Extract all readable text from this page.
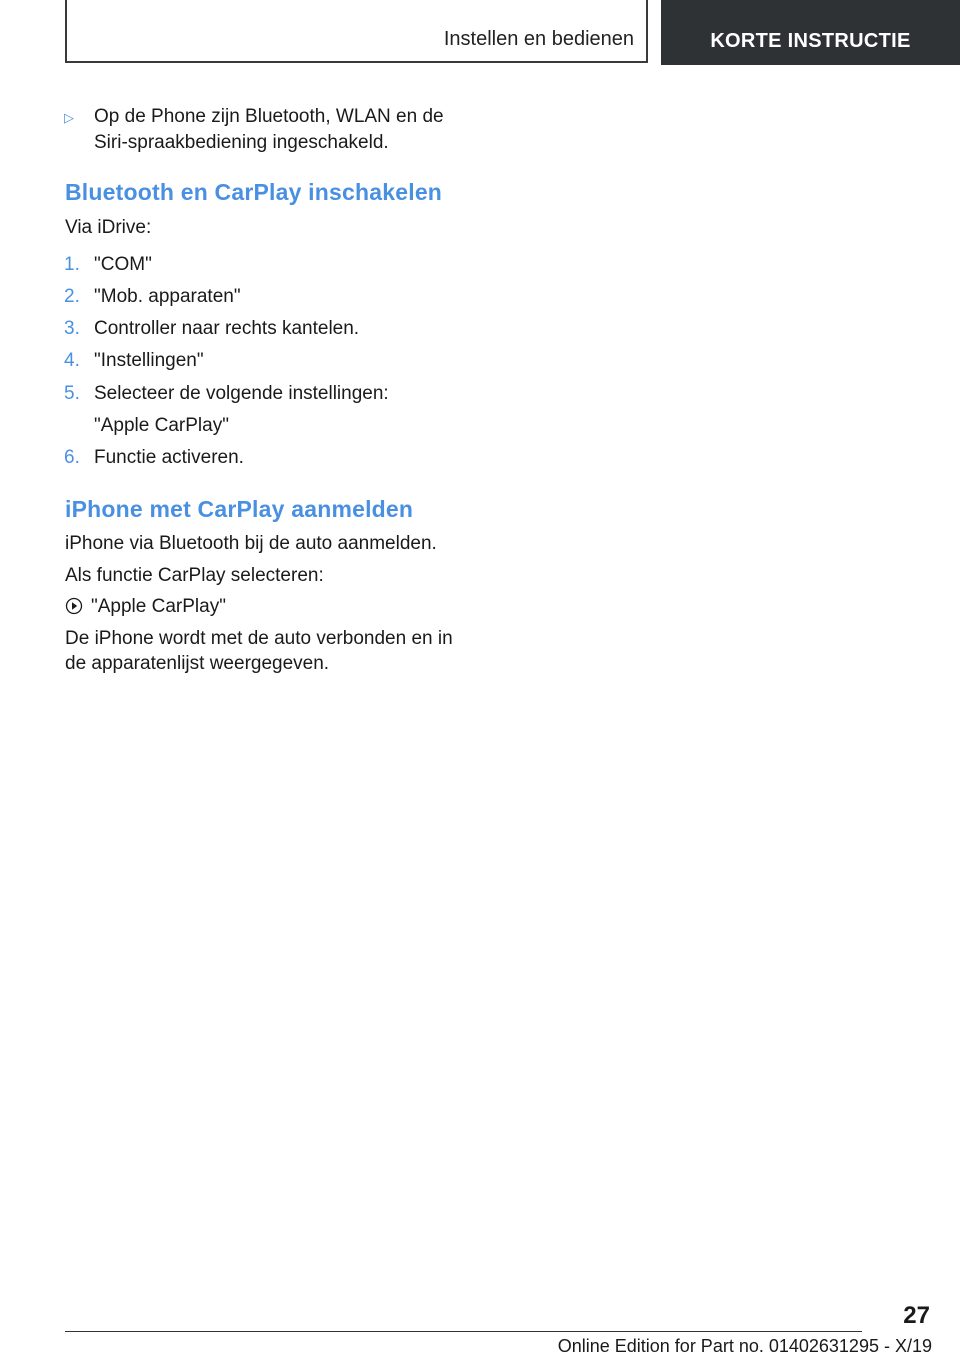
Instellen en bedienen	KORTE INSTRUCTIE
▷ Op de Phone zijn Bluetooth, WLAN en de
Siri-spraakbediening ingeschakeld.
Bluetooth en CarPlay inschakelen
Via iDrive:
1. "COM"
2. "Mob. apparaten"
3. Controller naar rechts kantelen.
4. "Instellingen"
5. Selecteer de volgende instellingen:
"Apple CarPlay"
6. Functie activeren.
iPhone met CarPlay aanmelden
iPhone via Bluetooth bij de auto aanmelden.
Als functie CarPlay selecteren:
"Apple CarPlay"
De iPhone wordt met de auto verbonden en in
de apparatenlijst weergegeven.
27
Online Edition for Part no. 01402631295 - X/19
